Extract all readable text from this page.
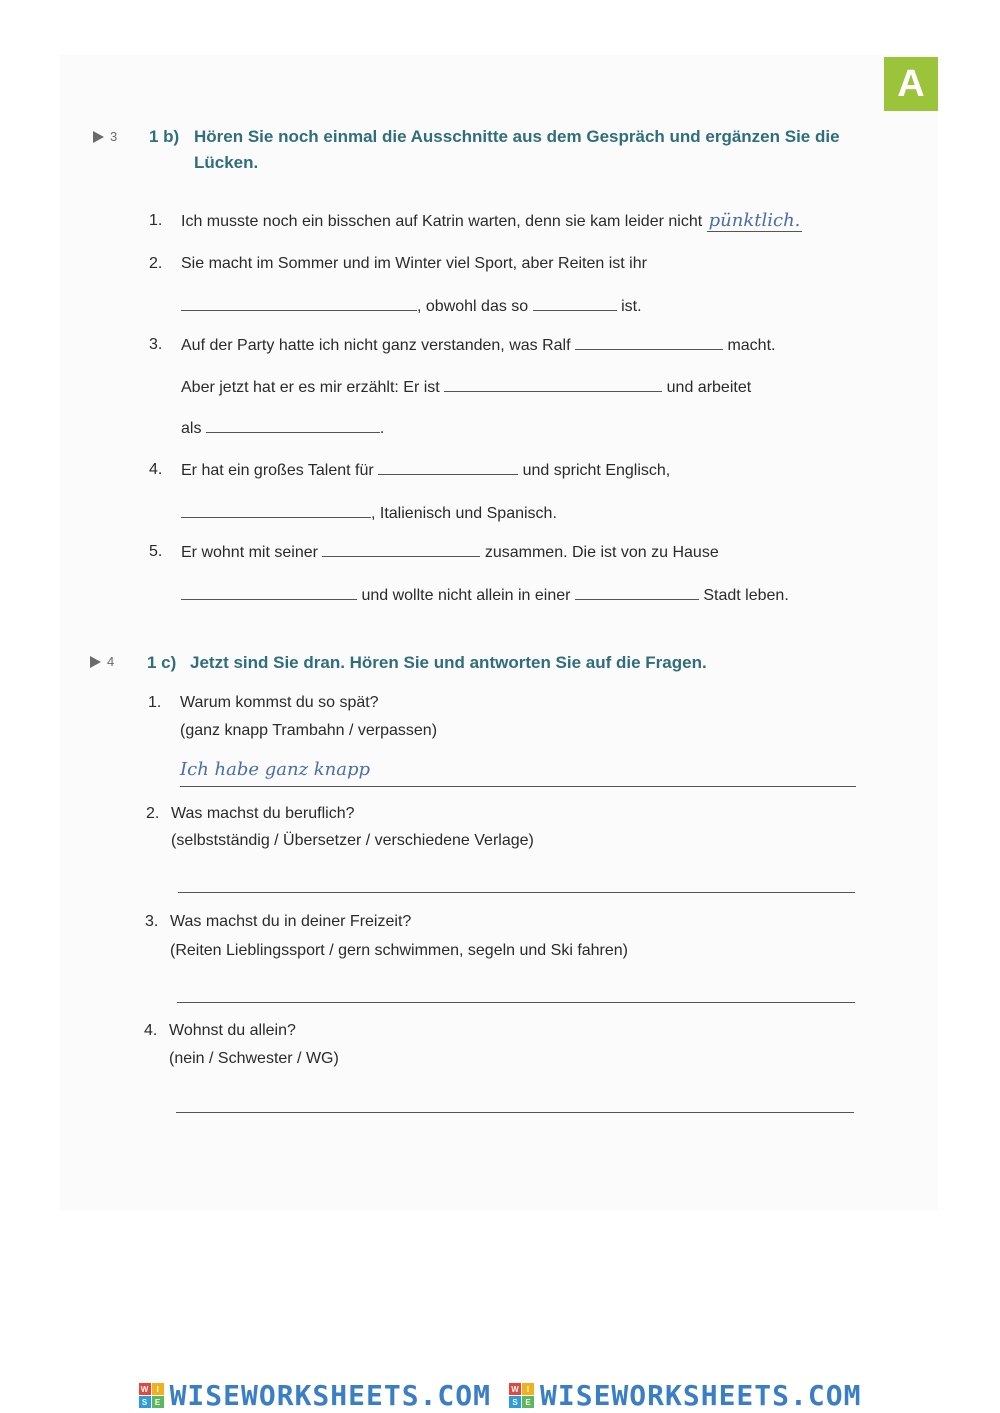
A
3 1 b) Hören Sie noch einmal die Ausschnitte aus dem Gespräch und ergänzen Sie die Lücken.
1. Ich musste noch ein bisschen auf Katrin warten, denn sie kam leider nicht pünktlich.
2. Sie macht im Sommer und im Winter viel Sport, aber Reiten ist ihr
, obwohl das so	ist.
3. Auf der Party hatte ich nicht ganz verstanden, was Ralf	macht.
Aber jetzt hat er es mir erzählt: Er ist	und arbeitet
als	.
4. Er hat ein großes Talent für	und spricht Englisch,
, Italienisch und Spanisch.
5. Er wohnt mit seiner	zusammen. Die ist von zu Hause
und wollte nicht allein in einer	Stadt leben.
4 1 c) Jetzt sind Sie dran. Hören Sie und antworten Sie auf die Fragen.
1. Warum kommst du so spät?
(ganz knapp Trambahn / verpassen)
Ich habe ganz knapp
2. Was machst du beruflich?
(selbstständig / Übersetzer / verschiedene Verlage)
3. Was machst du in deiner Freizeit?
(Reiten Lieblingssport / gern schwimmen, segeln und Ski fahren)
4. Wohnst du allein?
(nein / Schwester / WG)
W	I
S E WISEWORKSHEETS.COM	W	I
S E WISEWORKSHEETS.COM
